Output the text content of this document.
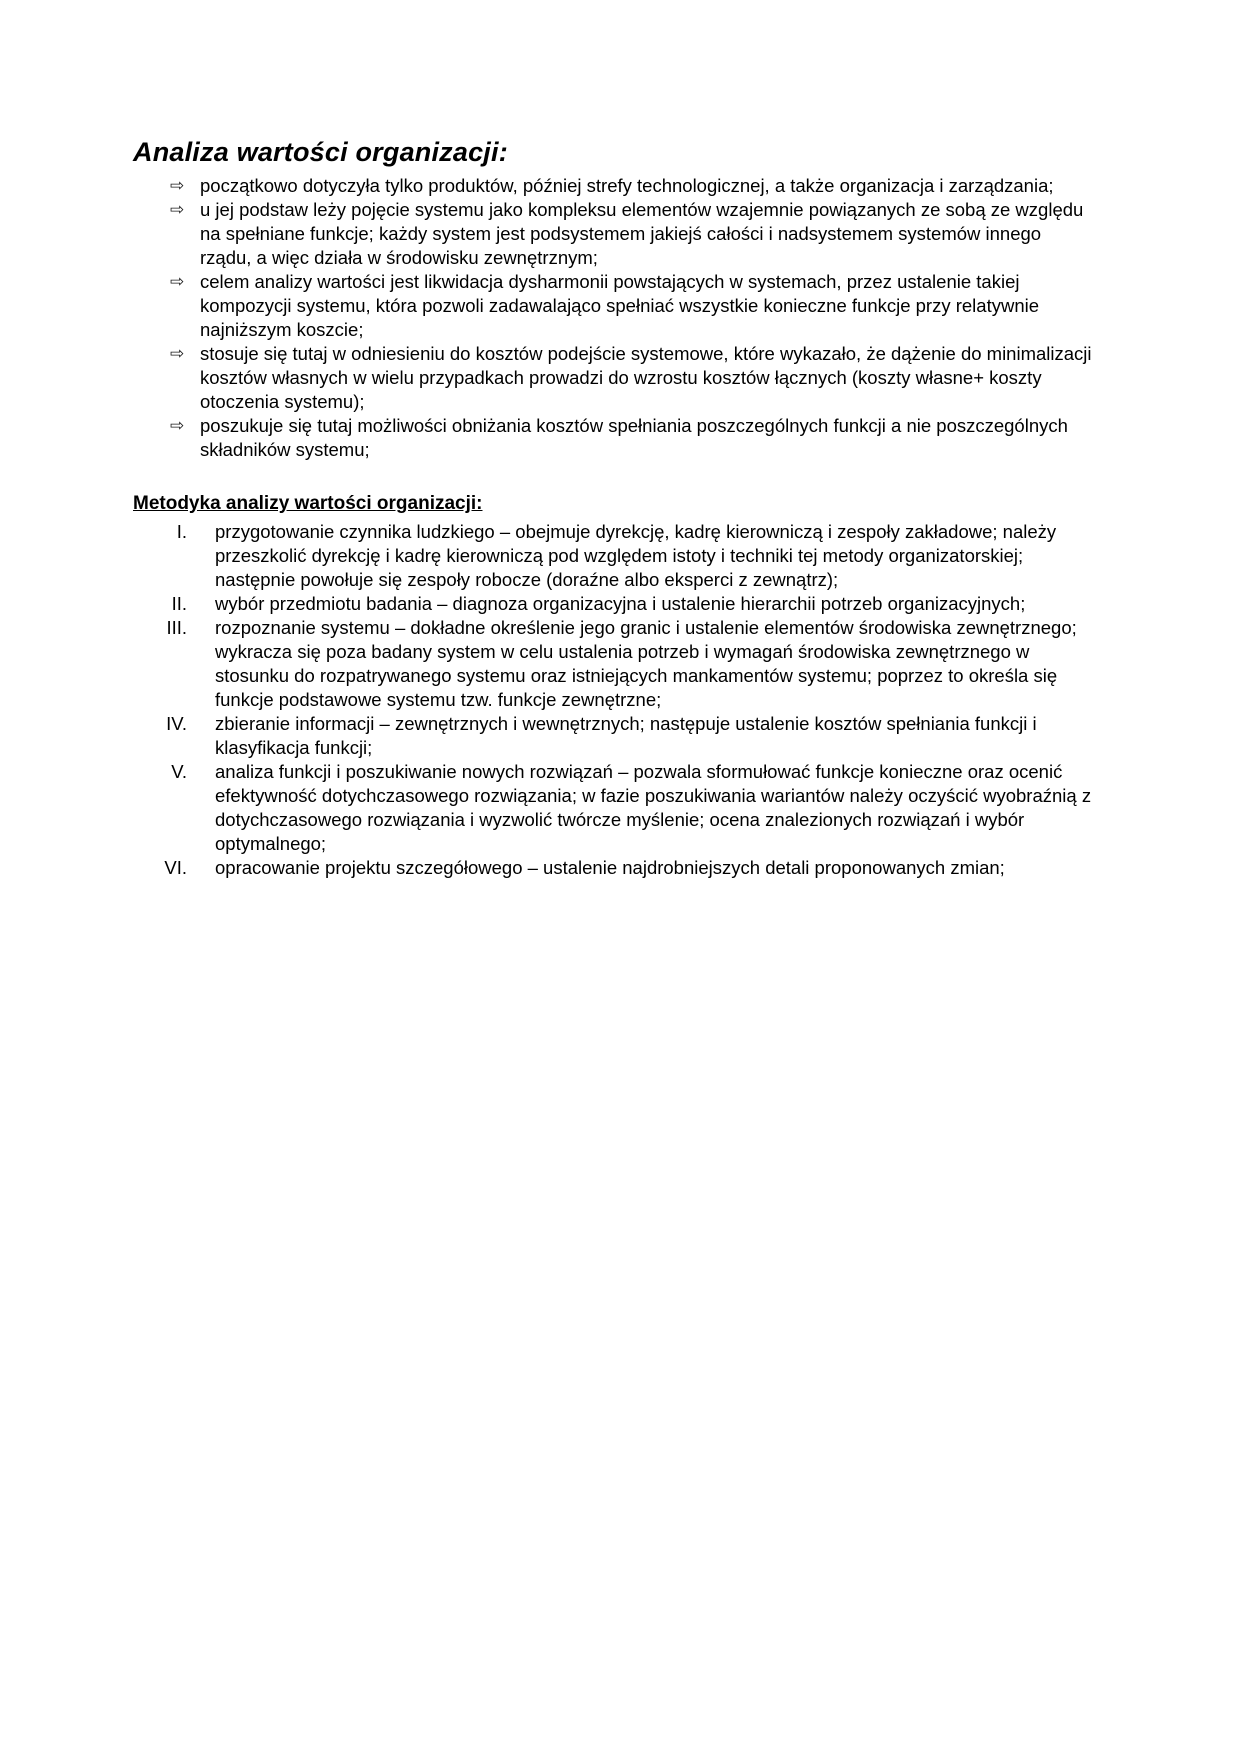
Analiza wartości organizacji:
⇨ początkowo dotyczyła tylko produktów, później strefy technologicznej, a także organizacja i zarządzania;
⇨ u jej podstaw leży pojęcie systemu jako kompleksu elementów wzajemnie powiązanych ze sobą ze względu na spełniane funkcje; każdy system jest podsystemem jakiejś całości i nadsystemem systemów innego rządu, a więc działa w środowisku zewnętrznym;
⇨ celem analizy wartości jest likwidacja dysharmonii powstających w systemach, przez ustalenie takiej kompozycji systemu, która pozwoli zadawalająco spełniać wszystkie konieczne funkcje przy relatywnie najniższym koszcie;
⇨ stosuje się tutaj w odniesieniu do kosztów podejście systemowe, które wykazało, że dążenie do minimalizacji kosztów własnych w wielu przypadkach prowadzi do wzrostu kosztów łącznych (koszty własne+ koszty otoczenia systemu);
⇨ poszukuje się tutaj możliwości obniżania kosztów spełniania poszczególnych funkcji a nie poszczególnych składników systemu;
Metodyka analizy wartości organizacji:
I. przygotowanie czynnika ludzkiego – obejmuje dyrekcję, kadrę kierowniczą i zespoły zakładowe; należy przeszkolić dyrekcję i kadrę kierowniczą pod względem istoty i techniki tej metody organizatorskiej; następnie powołuje się zespoły robocze (doraźne albo eksperci z zewnątrz);
II. wybór przedmiotu badania – diagnoza organizacyjna i ustalenie hierarchii potrzeb organizacyjnych;
III. rozpoznanie systemu – dokładne określenie jego granic i ustalenie elementów środowiska zewnętrznego; wykracza się poza badany system w celu ustalenia potrzeb i wymagań środowiska zewnętrznego w stosunku do rozpatrywanego systemu oraz istniejących mankamentów systemu; poprzez to określa się funkcje podstawowe systemu tzw. funkcje zewnętrzne;
IV. zbieranie informacji – zewnętrznych i wewnętrznych; następuje ustalenie kosztów spełniania funkcji i klasyfikacja funkcji;
V. analiza funkcji i poszukiwanie nowych rozwiązań – pozwala sformułować funkcje konieczne oraz ocenić efektywność dotychczasowego rozwiązania; w fazie poszukiwania wariantów należy oczyścić wyobraźnią z dotychczasowego rozwiązania i wyzwolić twórcze myślenie; ocena znalezionych rozwiązań i wybór optymalnego;
VI. opracowanie projektu szczegółowego – ustalenie najdrobniejszych detali proponowanych zmian;
